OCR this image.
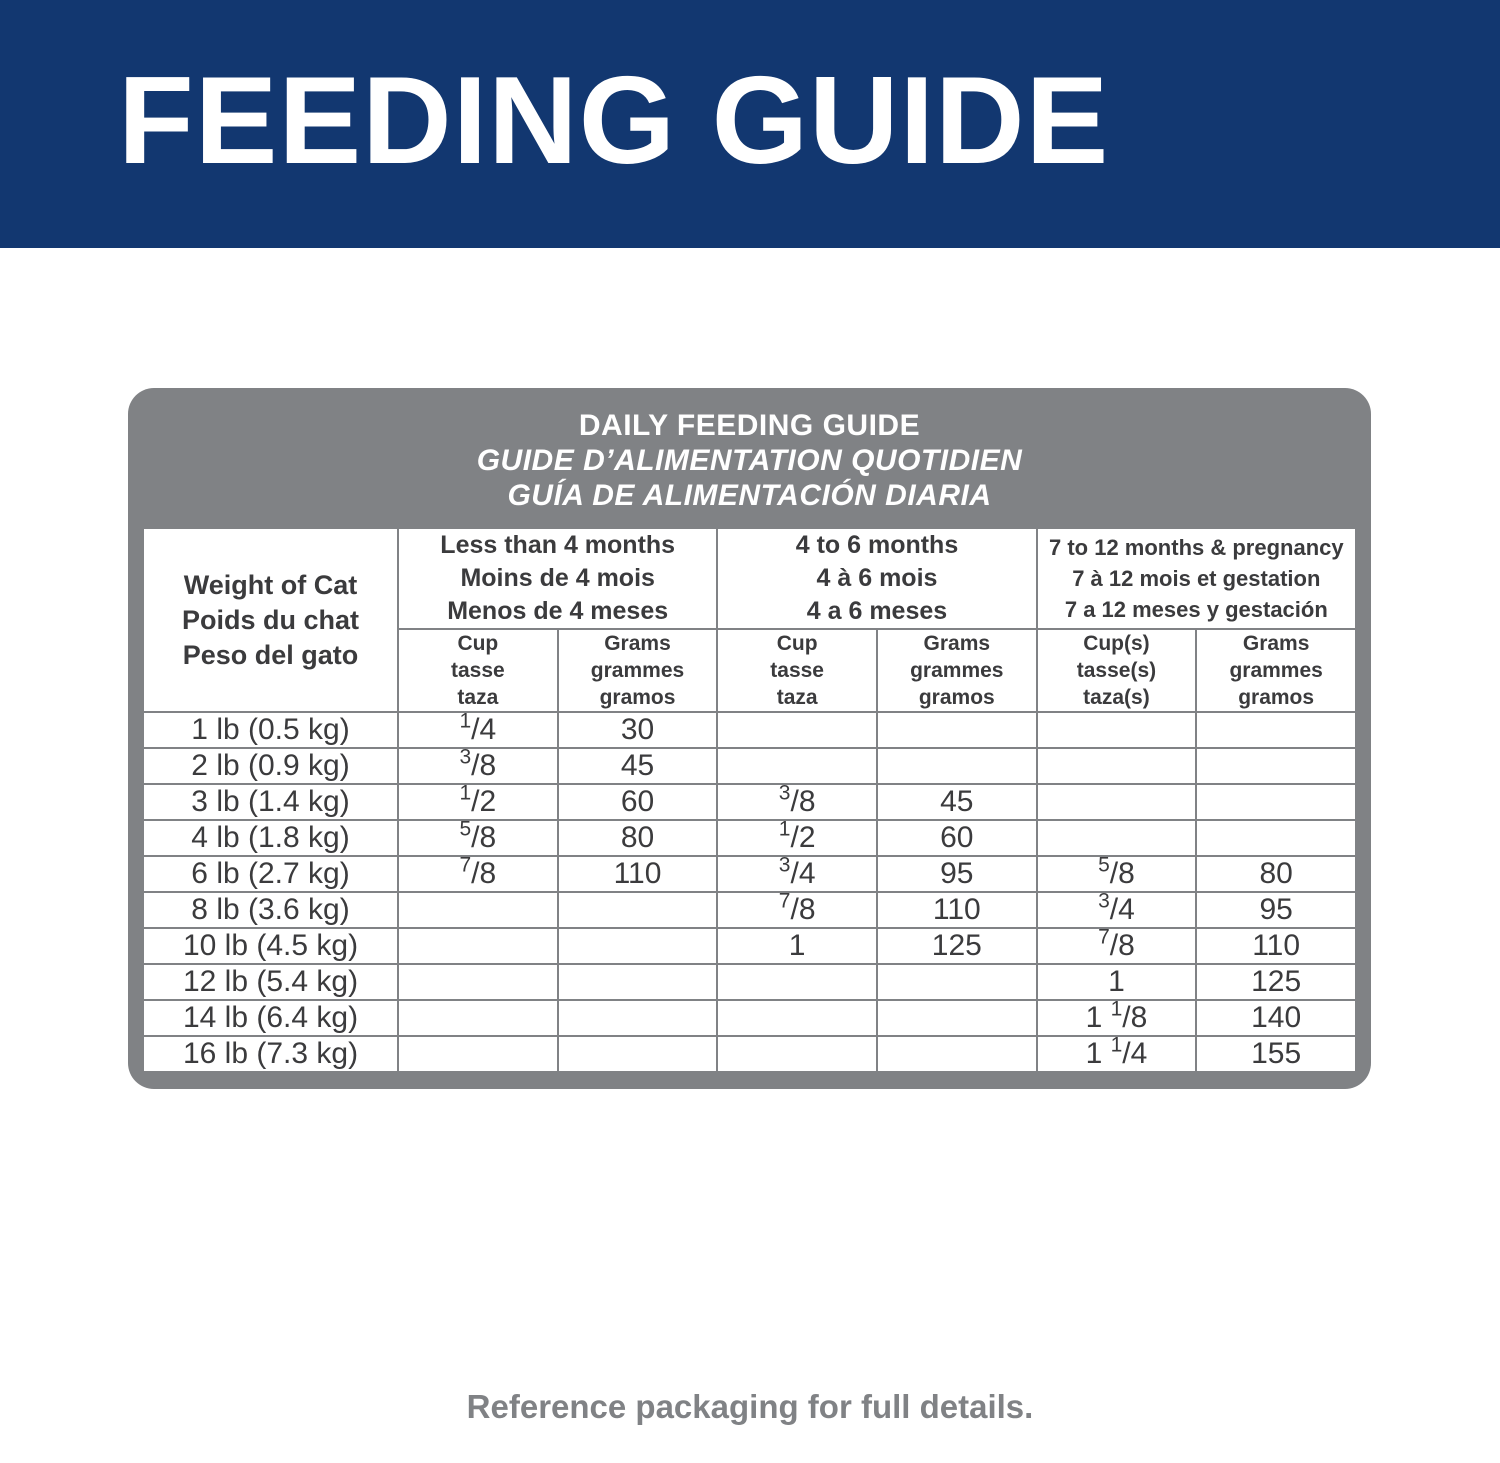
FEEDING GUIDE
DAILY FEEDING GUIDE
GUIDE D’ALIMENTATION QUOTIDIEN
GUÍA DE ALIMENTACIÓN DIARIA
Weight of Cat
Poids du chat
Peso del gato

Less than 4 months
Moins de 4 mois
Menos de 4 meses

4 to 6 months
4 à 6 mois
4 a 6 meses

7 to 12 months & pregnancy
7 à 12 mois et gestation
7 a 12 meses y gestación

Cup
tasse
taza

Grams
grammes
gramos

Cup
tasse
taza

Grams
grammes
gramos

Cup(s)
tasse(s)
taza(s)

Grams
grammes
gramos

1 lb (0.5 kg)	$^1$/4	30				
2 lb (0.9 kg)	$^3$/8	45				
3 lb (1.4 kg)	$^1$/2	60	$^3$/8	45		
4 lb (1.8 kg)	$^5$/8	80	$^1$/2	60		
6 lb (2.7 kg)	$^7$/8	110	$^3$/4	95	$^5$/8	80
8 lb (3.6 kg)			$^7$/8	110	$^3$/4	95
10 lb (4.5 kg)			1	125	$^7$/8	110
12 lb (5.4 kg)					1	125
14 lb (6.4 kg)					1 $^1$/8	140
16 lb (7.3 kg)					1 $^1$/4	155
Reference packaging for full details.
